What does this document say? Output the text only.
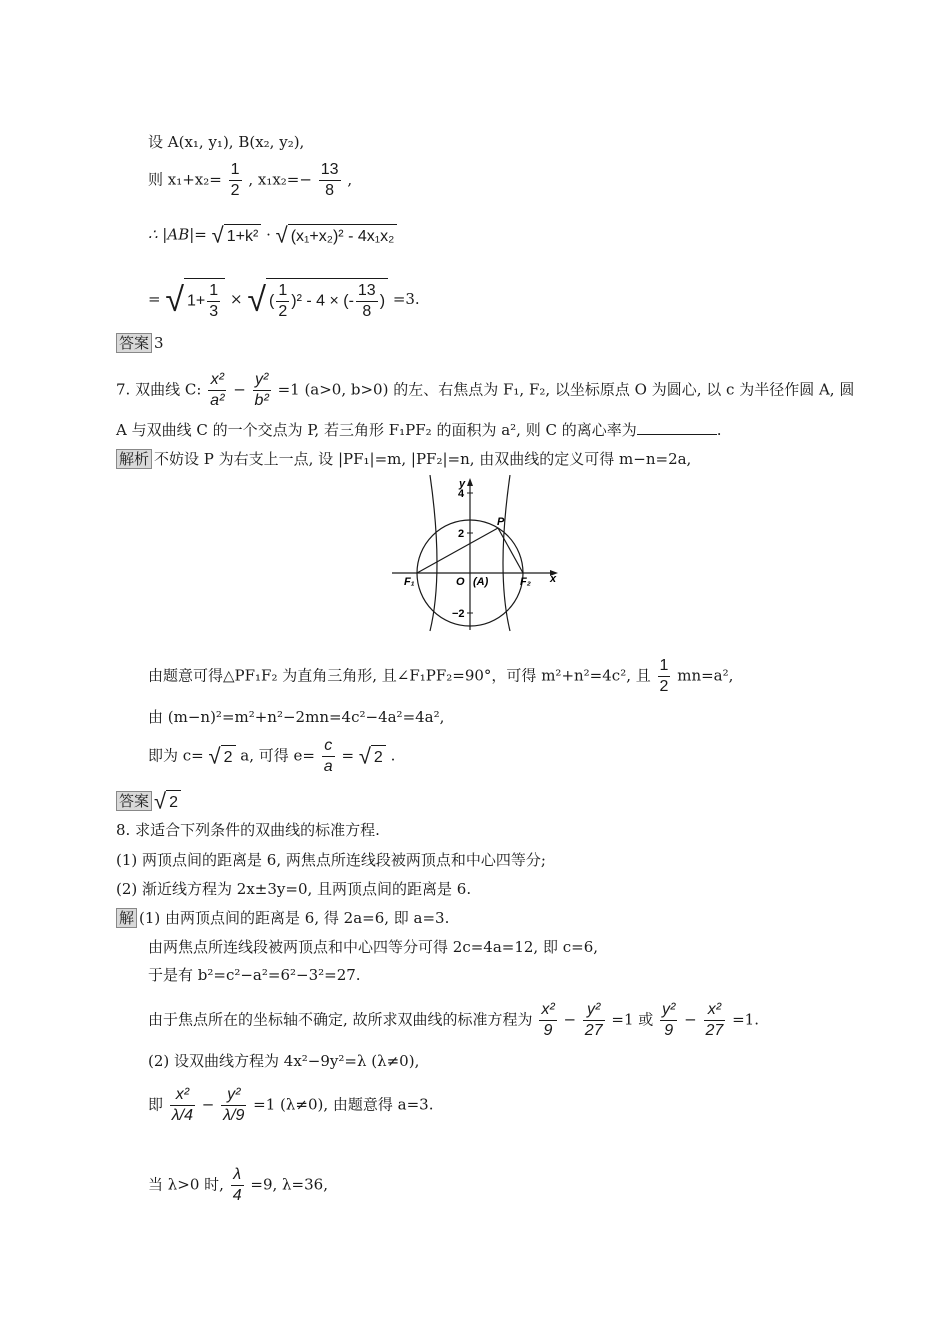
设 A(x₁, y₁), B(x₂, y₂),
则 $x_1+x_2= \frac{1}{2}$ , $x_1x_2=- \frac{13}{8}$ ,
∴ |AB|= √ 1+k² · √ (x₁+x₂)² - 4x₁x₂
= √ $1+ \frac{1}{3}$ × √ ( $\frac{1}{2} )^2 - 4$ × (- $\frac{13}{8}$ ) =3.
答案 3
7. 双曲线 C: $\frac{\text{x²}}{\text{a²}} - \frac{\text{y²}}{\text{b²}} =1$ (a>0, b>0) 的左、右焦点为 F₁, F₂, 以坐标原点 O 为圆心, 以 c 为半径作圆 A, 圆
A 与双曲线 C 的一个交点为 P, 若三角形 F₁PF₂ 的面积为 a², 则 C 的离心率为	.
解析 不妨设 P 为右支上一点, 设 |PF₁|=m, |PF₂|=n, 由双曲线的定义可得 m−n=2a,
y
x
4
2
−2
O (A)
P
F₁	F₂
由题意可得△PF₁F₂ 为直角三角形, 且∠F₁PF₂=90°，可得 m²+n²=4c², 且 $\frac{1}{2} mn=a^2$,
由 (m−n)²=m²+n²−2mn=4c²−4a²=4a²,
即为 c= √ 2 a, 可得 $e= \frac{c}{a}$ = √ 2 .
答案 √ 2
8. 求适合下列条件的双曲线的标准方程.
(1) 两顶点间的距离是 6, 两焦点所连线段被两顶点和中心四等分;
(2) 渐近线方程为 2x±3y=0, 且两顶点间的距离是 6.
解 (1) 由两顶点间的距离是 6, 得 2a=6, 即 a=3.
由两焦点所连线段被两顶点和中心四等分可得 2c=4a=12, 即 c=6,
于是有 b²=c²−a²=6²−3²=27.
由于焦点所在的坐标轴不确定, 故所求双曲线的标准方程为 $\frac{\text{x²}}{9} - \frac{\text{y²}}{27} =1$ 或 $\frac{\text{y²}}{9} - \frac{\text{x²}}{27} =1$.
(2) 设双曲线方程为 4x²−9y²=λ (λ≠0),
即 $\frac{\text{x²}}{\lambda/4} - \frac{\text{y²}}{\lambda/9} =1$ (λ≠0), 由题意得 a=3.
当 λ>0 时, $\frac{\lambda}{4} =9$, λ=36,
